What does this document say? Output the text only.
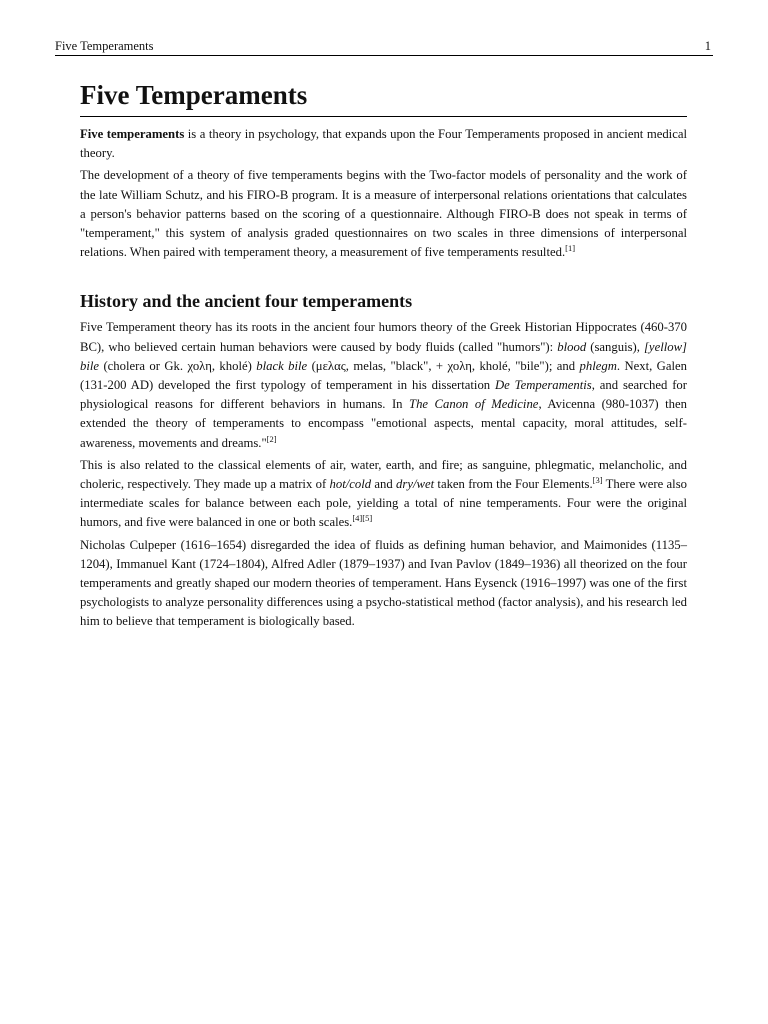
Five Temperaments	1
Five Temperaments

Five temperaments is a theory in psychology, that expands upon the Four Temperaments proposed in ancient medical theory.

The development of a theory of five temperaments begins with the Two-factor models of personality and the work of the late William Schutz, and his FIRO-B program. It is a measure of interpersonal relations orientations that calculates a person's behavior patterns based on the scoring of a questionnaire. Although FIRO-B does not speak in terms of "temperament," this system of analysis graded questionnaires on two scales in three dimensions of interpersonal relations. When paired with temperament theory, a measurement of five temperaments resulted.[1]

History and the ancient four temperaments

Five Temperament theory has its roots in the ancient four humors theory of the Greek Historian Hippocrates (460-370 BC), who believed certain human behaviors were caused by body fluids (called "humors"): blood (sanguis), [yellow] bile (cholera or Gk. χολη, kholé) black bile (μελας, melas, "black", + χολη, kholé, "bile"); and phlegm. Next, Galen (131-200 AD) developed the first typology of temperament in his dissertation De Temperamentis, and searched for physiological reasons for different behaviors in humans. In The Canon of Medicine, Avicenna (980-1037) then extended the theory of temperaments to encompass "emotional aspects, mental capacity, moral attitudes, self-awareness, movements and dreams."[2]

This is also related to the classical elements of air, water, earth, and fire; as sanguine, phlegmatic, melancholic, and choleric, respectively. They made up a matrix of hot/cold and dry/wet taken from the Four Elements.[3] There were also intermediate scales for balance between each pole, yielding a total of nine temperaments. Four were the original humors, and five were balanced in one or both scales.[4][5]

Nicholas Culpeper (1616–1654) disregarded the idea of fluids as defining human behavior, and Maimonides (1135–1204), Immanuel Kant (1724–1804), Alfred Adler (1879–1937) and Ivan Pavlov (1849–1936) all theorized on the four temperaments and greatly shaped our modern theories of temperament. Hans Eysenck (1916–1997) was one of the first psychologists to analyze personality differences using a psycho-statistical method (factor analysis), and his research led him to believe that temperament is biologically based.
